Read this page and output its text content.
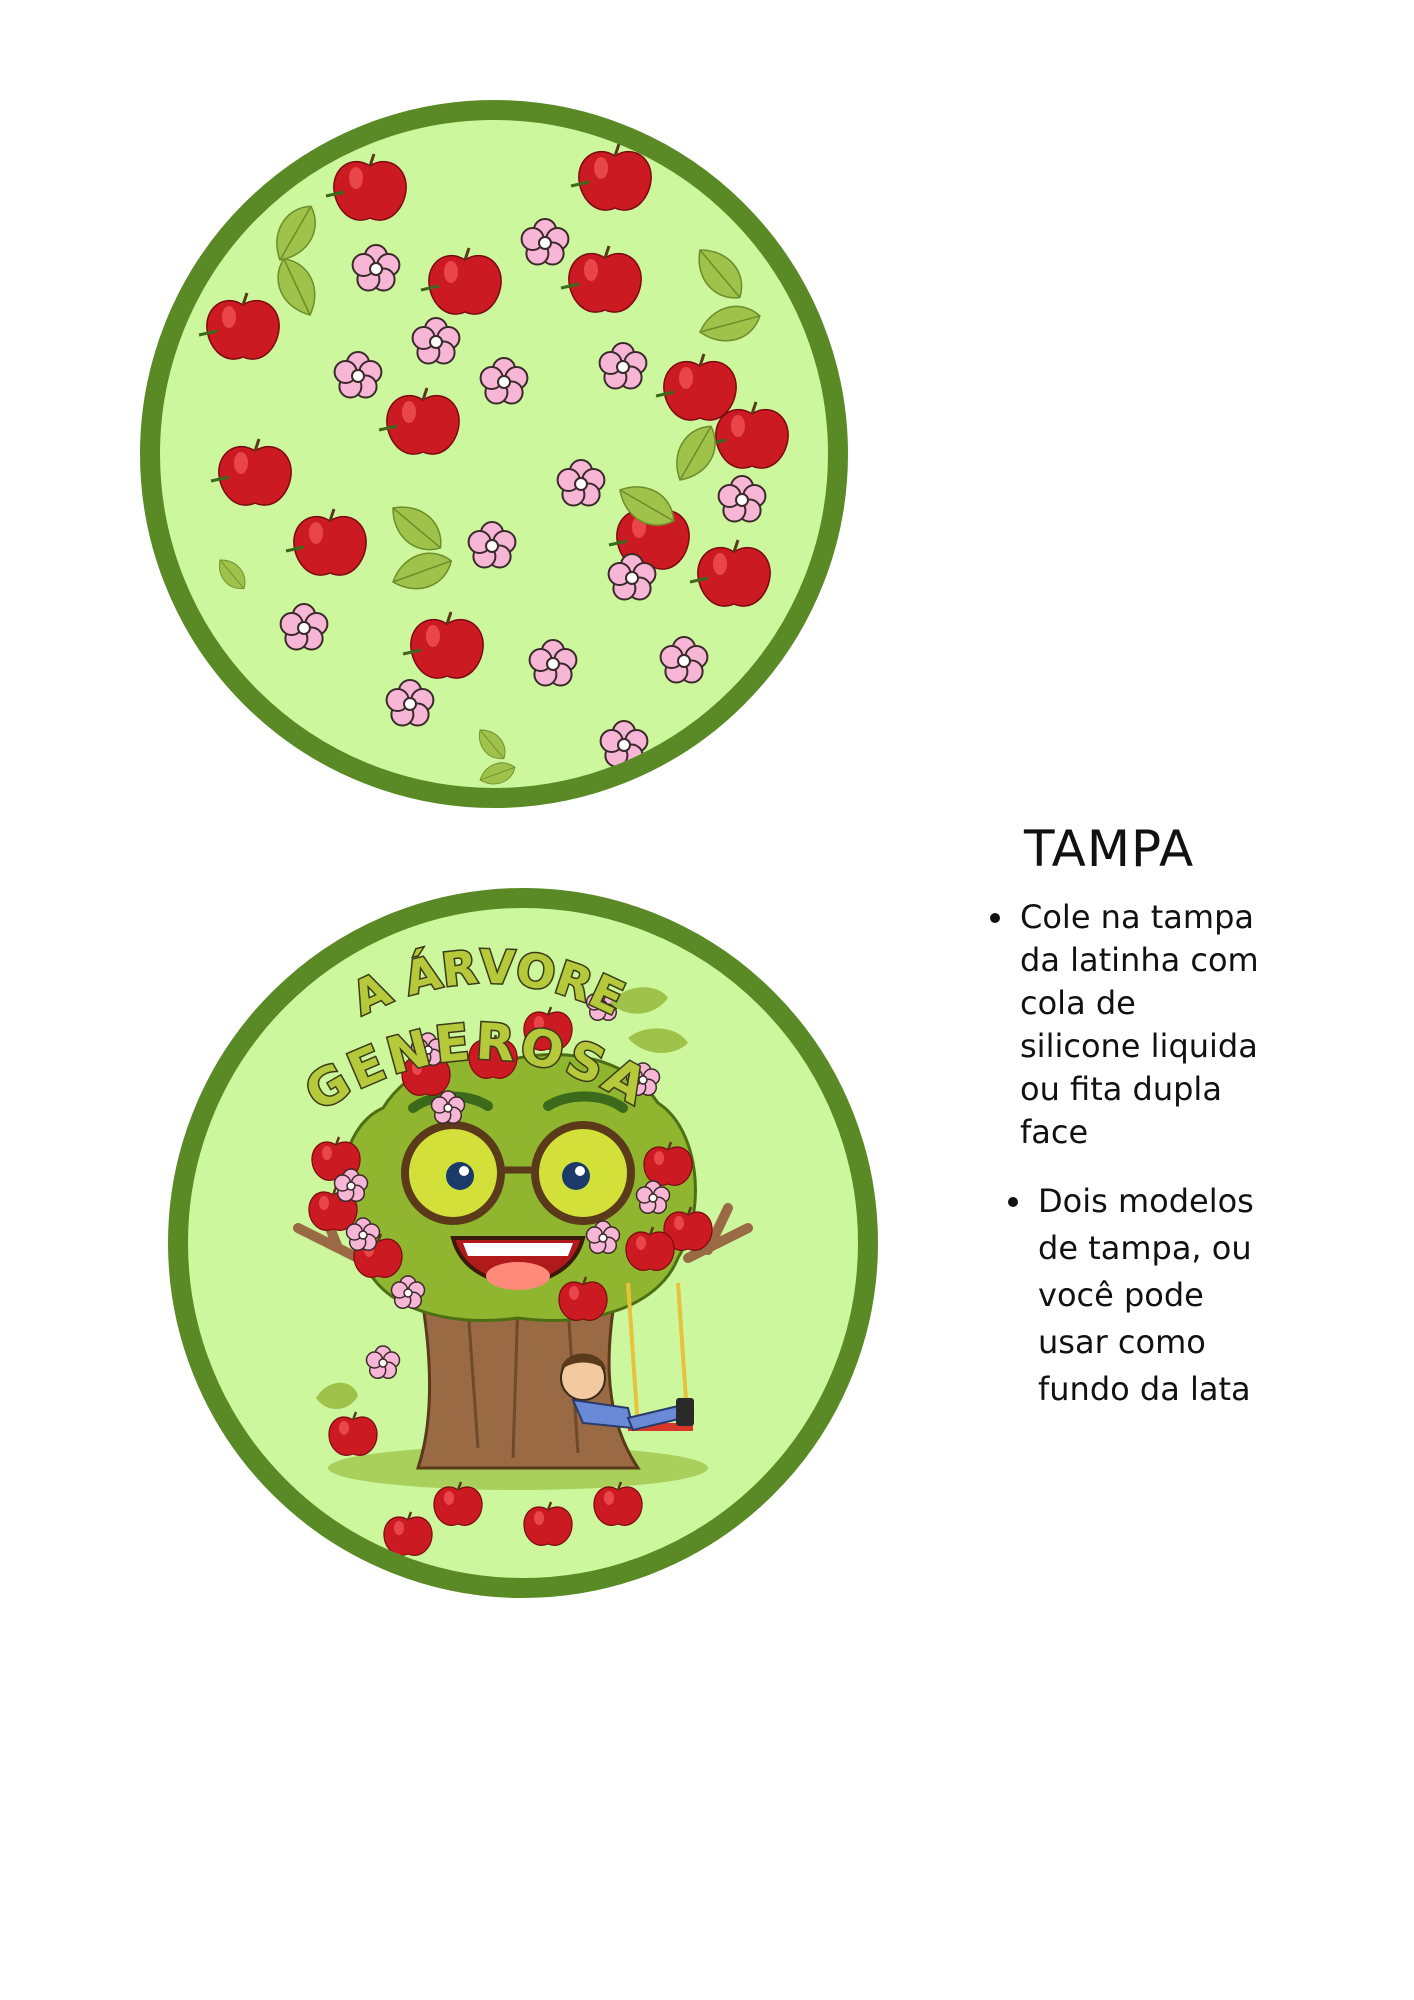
A ÁRVORE
GENEROSA
TAMPA
Cole na tampa da latinha com cola de silicone liquida ou fita dupla face
Dois modelos de tampa, ou você pode usar como fundo da lata
